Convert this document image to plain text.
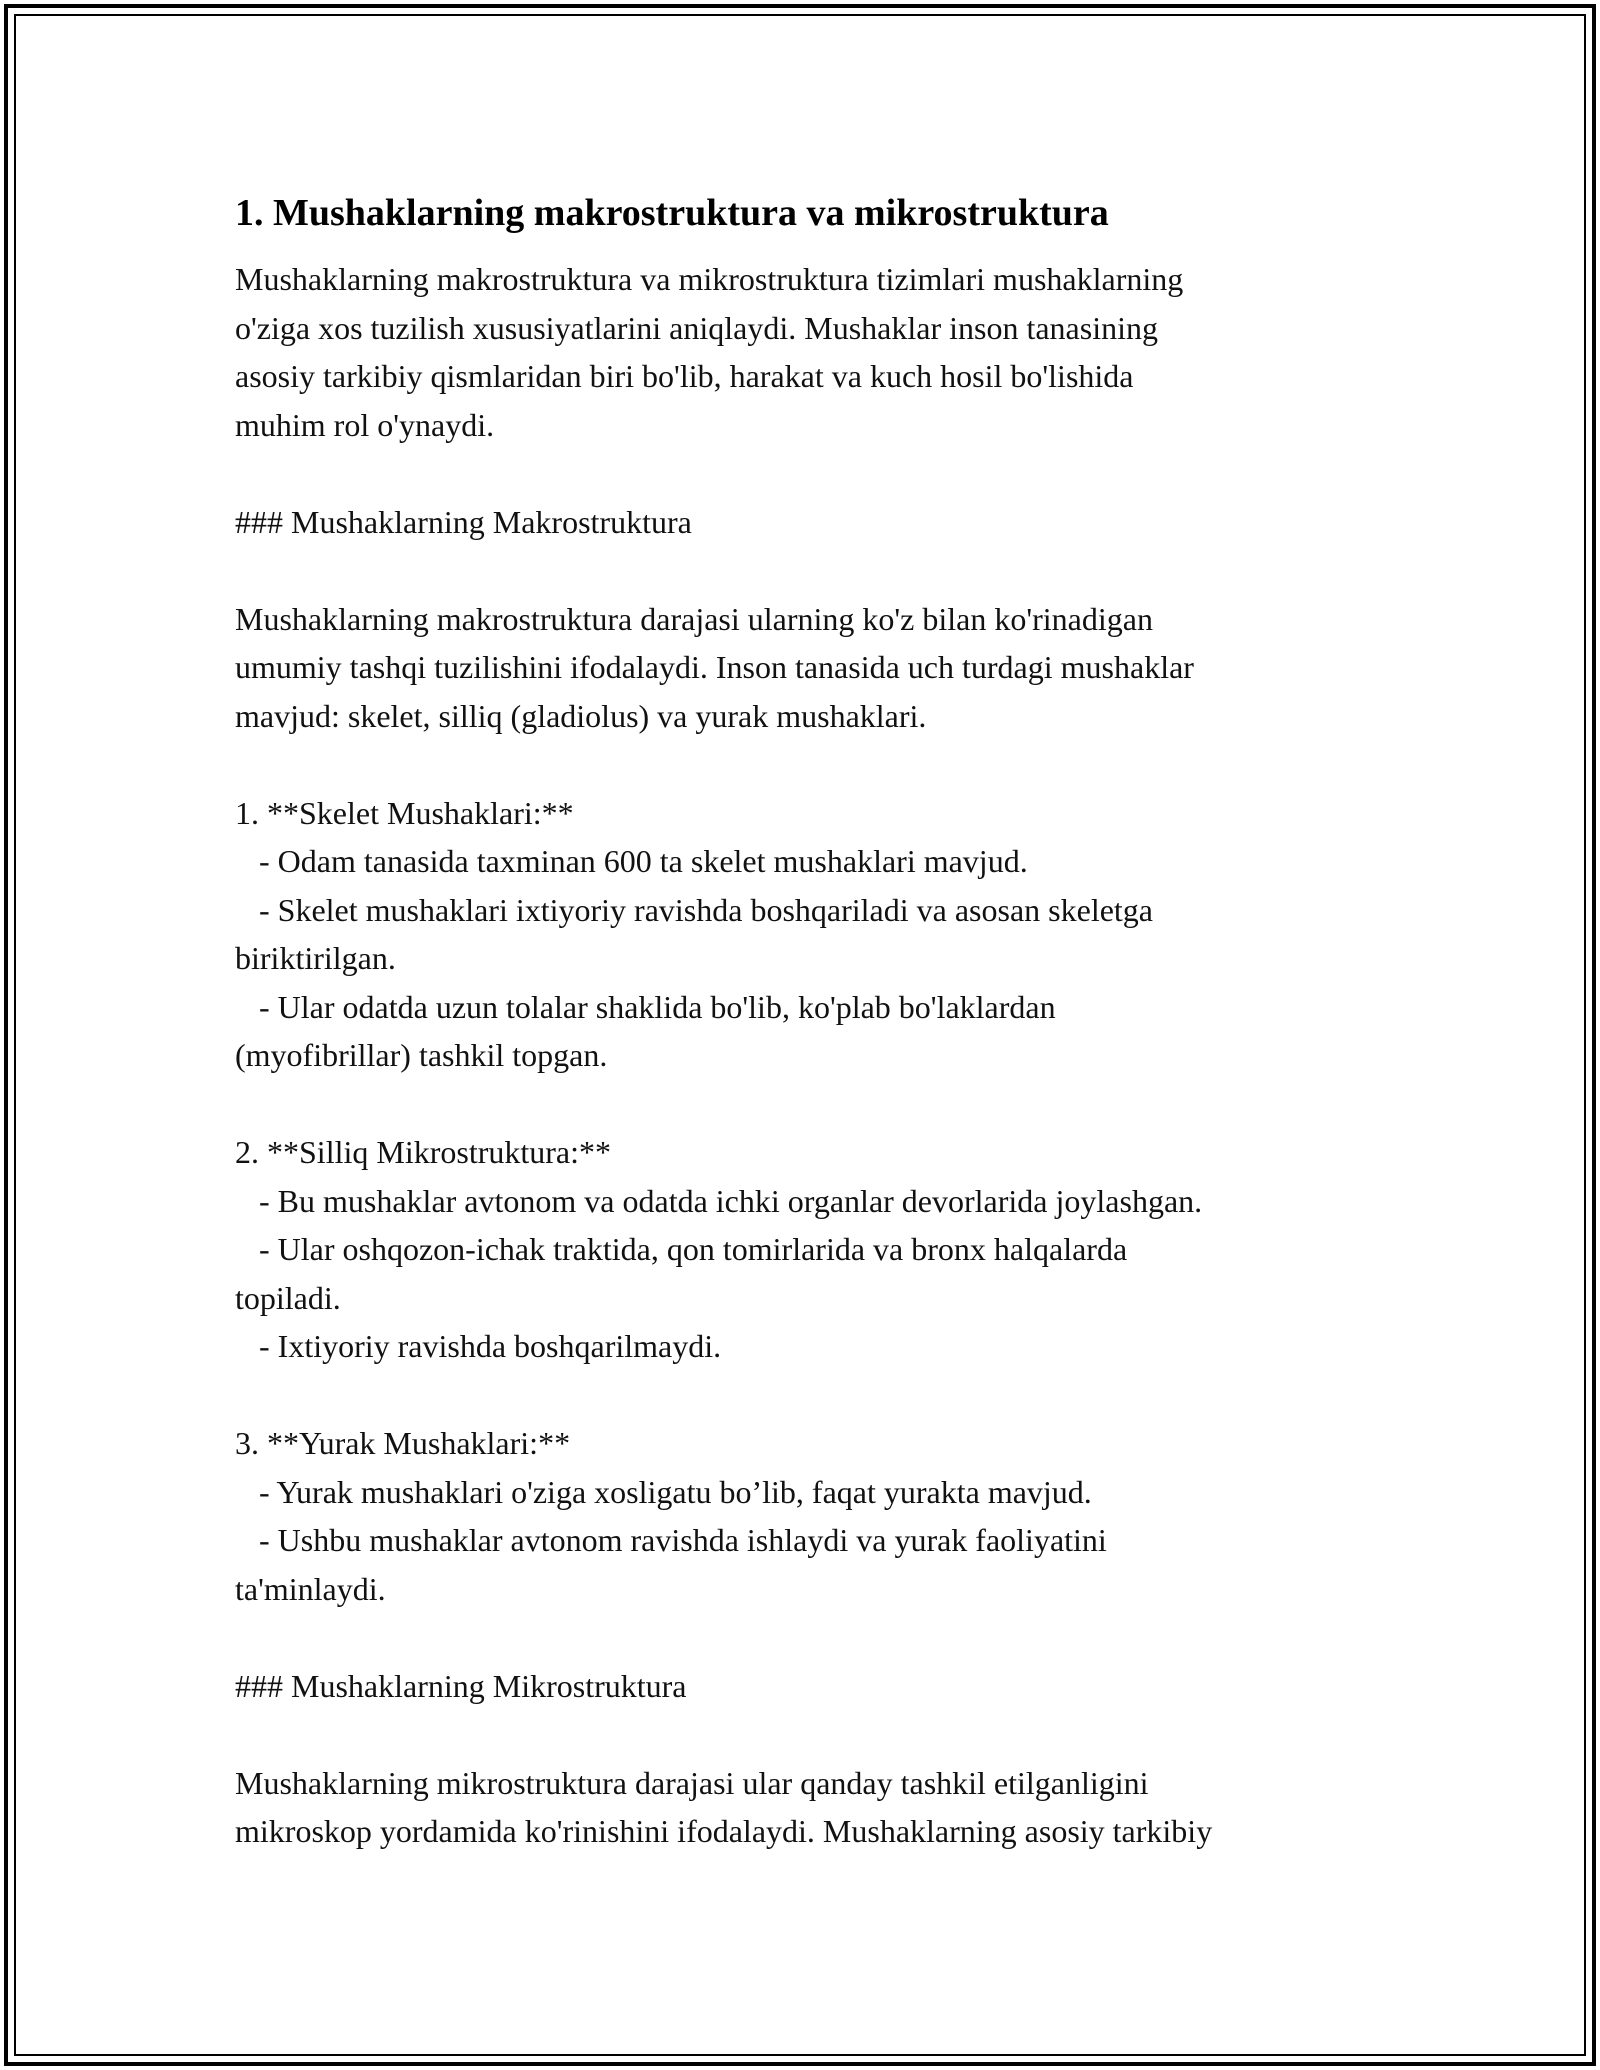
1. Mushaklarning makrostruktura va mikrostruktura
Mushaklarning makrostruktura va mikrostruktura tizimlari mushaklarning
o'ziga xos tuzilish xususiyatlarini aniqlaydi. Mushaklar inson tanasining
asosiy tarkibiy qismlaridan biri bo'lib, harakat va kuch hosil bo'lishida
muhim rol o'ynaydi.
### Mushaklarning Makrostruktura
Mushaklarning makrostruktura darajasi ularning ko'z bilan ko'rinadigan
umumiy tashqi tuzilishini ifodalaydi. Inson tanasida uch turdagi mushaklar
mavjud: skelet, silliq (gladiolus) va yurak mushaklari.
1. **Skelet Mushaklari:**
- Odam tanasida taxminan 600 ta skelet mushaklari mavjud.
- Skelet mushaklari ixtiyoriy ravishda boshqariladi va asosan skeletga
biriktirilgan.
- Ular odatda uzun tolalar shaklida bo'lib, ko'plab bo'laklardan
(myofibrillar) tashkil topgan.
2. **Silliq Mikrostruktura:**
- Bu mushaklar avtonom va odatda ichki organlar devorlarida joylashgan.
- Ular oshqozon-ichak traktida, qon tomirlarida va bronx halqalarda
topiladi.
- Ixtiyoriy ravishda boshqarilmaydi.
3. **Yurak Mushaklari:**
- Yurak mushaklari o'ziga xosligatu bo’lib, faqat yurakta mavjud.
- Ushbu mushaklar avtonom ravishda ishlaydi va yurak faoliyatini
ta'minlaydi.
### Mushaklarning Mikrostruktura
Mushaklarning mikrostruktura darajasi ular qanday tashkil etilganligini
mikroskop yordamida ko'rinishini ifodalaydi. Mushaklarning asosiy tarkibiy
